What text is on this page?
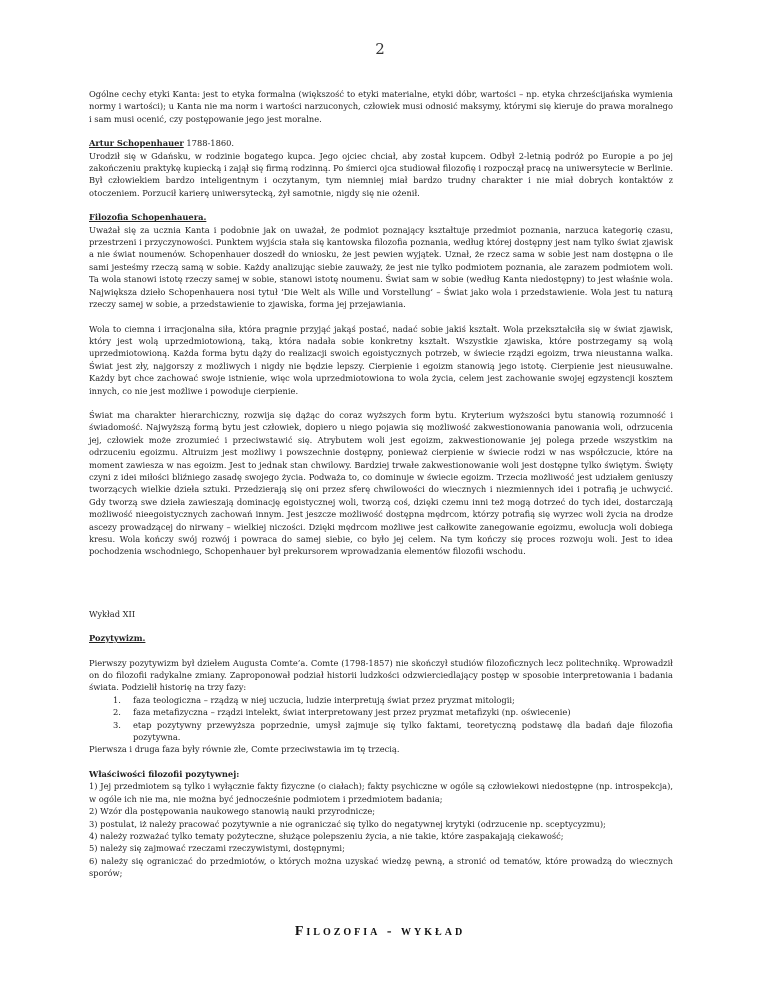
2

Ogólne cechy etyki Kanta: jest to etyka formalna (większość to etyki materialne, etyki dóbr, wartości – np. etyka chrześcijańska wymienia normy i wartości); u Kanta nie ma norm i wartości narzuconych, człowiek musi odnosić maksymy, którymi się kieruje do prawa moralnego i sam musi ocenić, czy postępowanie jego jest moralne.

Artur Schopenhauer 1788-1860.

Urodził się w Gdańsku, w rodzinie bogatego kupca. Jego ojciec chciał, aby został kupcem. Odbył 2-letnią podróż po Europie a po jej zakończeniu praktykę kupiecką i zajął się firmą rodzinną. Po śmierci ojca studiował filozofię i rozpoczął pracę na uniwersytecie w Berlinie. Był człowiekiem bardzo inteligentnym i oczytanym, tym niemniej miał bardzo trudny charakter i nie miał dobrych kontaktów z otoczeniem. Porzucił karierę uniwersytecką, żył samotnie, nigdy się nie ożenił.

Filozofia Schopenhauera.

Uważał się za ucznia Kanta i podobnie jak on uważał, że podmiot poznający kształtuje przedmiot poznania, narzuca kategorię czasu, przestrzeni i przyczynowości. Punktem wyjścia stała się kantowska filozofia poznania, według której dostępny jest nam tylko świat zjawisk a nie świat noumenów. Schopenhauer doszedł do wniosku, że jest pewien wyjątek. Uznał, że rzecz sama w sobie jest nam dostępna o ile sami jesteśmy rzeczą samą w sobie. Każdy analizując siebie zauważy, że jest nie tylko podmiotem poznania, ale zarazem podmiotem woli. Ta wola stanowi istotę rzeczy samej w sobie, stanowi istotę noumenu. Świat sam w sobie (według Kanta niedostępny) to jest właśnie wola. Największa dzieło Schopenhauera nosi tytuł ‘Die Welt als Wille und Vorstellung’ – Świat jako wola i przedstawienie. Wola jest tu naturą rzeczy samej w sobie, a przedstawienie to zjawiska, forma jej przejawiania.

Wola to ciemna i irracjonalna siła, która pragnie przyjąć jakąś postać, nadać sobie jakiś kształt. Wola przekształciła się w świat zjawisk, który jest wolą uprzedmiotowioną, taką, która nadała sobie konkretny kształt. Wszystkie zjawiska, które postrzegamy są wolą uprzedmiotowioną. Każda forma bytu dąży do realizacji swoich egoistycznych potrzeb, w świecie rządzi egoizm, trwa nieustanna walka. Świat jest zły, najgorszy z możliwych i nigdy nie będzie lepszy. Cierpienie i egoizm stanowią jego istotę. Cierpienie jest nieusuwalne. Każdy byt chce zachować swoje istnienie, więc wola uprzedmiotowiona to wola życia, celem jest zachowanie swojej egzystencji kosztem innych, co nie jest możliwe i powoduje cierpienie.

Świat ma charakter hierarchiczny, rozwija się dążąc do coraz wyższych form bytu. Kryterium wyższości bytu stanowią rozumność i świadomość. Najwyższą formą bytu jest człowiek, dopiero u niego pojawia się możliwość zakwestionowania panowania woli, odrzucenia jej, człowiek może zrozumieć i przeciwstawić się. Atrybutem woli jest egoizm, zakwestionowanie jej polega przede wszystkim na odrzuceniu egoizmu. Altruizm jest możliwy i powszechnie dostępny, ponieważ cierpienie w świecie rodzi w nas współczucie, które na moment zawiesza w nas egoizm. Jest to jednak stan chwilowy. Bardziej trwałe zakwestionowanie woli jest dostępne tylko świętym. Święty czyni z idei miłości bliźniego zasadę swojego życia. Podważa to, co dominuje w świecie egoizm. Trzecia możliwość jest udziałem geniuszy tworzących wielkie dzieła sztuki. Przedzierają się oni przez sferę chwilowości do wiecznych i niezmiennych idei i potrafią je uchwycić. Gdy tworzą swe dzieła zawieszają dominację egoistycznej woli, tworzą coś, dzięki czemu inni też mogą dotrzeć do tych idei, dostarczają możliwość nieegoistycznych zachowań innym. Jest jeszcze możliwość dostępna mędrcom, którzy potrafią się wyrzec woli życia na drodze ascezy prowadzącej do nirwany – wielkiej niczości. Dzięki mędrcom możliwe jest całkowite zanegowanie egoizmu, ewolucja woli dobiega kresu. Wola kończy swój rozwój i powraca do samej siebie, co było jej celem. Na tym kończy się proces rozwoju woli. Jest to idea pochodzenia wschodniego, Schopenhauer był prekursorem wprowadzania elementów filozofii wschodu.

Wykład XII

Pozytywizm.

Pierwszy pozytywizm był dziełem Augusta Comte’a. Comte (1798-1857) nie skończył studiów filozoficznych lecz politechnikę. Wprowadził on do filozofii radykalne zmiany. Zaproponował podział historii ludzkości odzwierciedlający postęp w sposobie interpretowania i badania świata. Podzielił historię na trzy fazy:

1. faza teologiczna – rządzą w niej uczucia, ludzie interpretują świat przez pryzmat mitologii;
2. faza metafizyczna – rządzi intelekt, świat interpretowany jest przez pryzmat metafizyki (np. oświecenie)
3. etap pozytywny przewyższa poprzednie, umysł zajmuje się tylko faktami, teoretyczną podstawę dla badań daje filozofia pozytywna.

Pierwsza i druga faza były równie złe, Comte przeciwstawia im tę trzecią.

Właściwości filozofii pozytywnej:

1) Jej przedmiotem są tylko i wyłącznie fakty fizyczne (o ciałach); fakty psychiczne w ogóle są człowiekowi niedostępne (np. introspekcja), w ogóle ich nie ma, nie można być jednocześnie podmiotem i przedmiotem badania;
2) Wzór dla postępowania naukowego stanowią nauki przyrodnicze;
3) postulat, iż należy pracować pozytywnie a nie ograniczać się tylko do negatywnej krytyki (odrzucenie np. sceptycyzmu);
4) należy rozważać tylko tematy pożyteczne, służące polepszeniu życia, a nie takie, które zaspakajają ciekawość;
5) należy się zajmować rzeczami rzeczywistymi, dostępnymi;
6) należy się ograniczać do przedmiotów, o których można uzyskać wiedzę pewną, a stronić od tematów, które prowadzą do wiecznych sporów;
Filozofia - wykład
